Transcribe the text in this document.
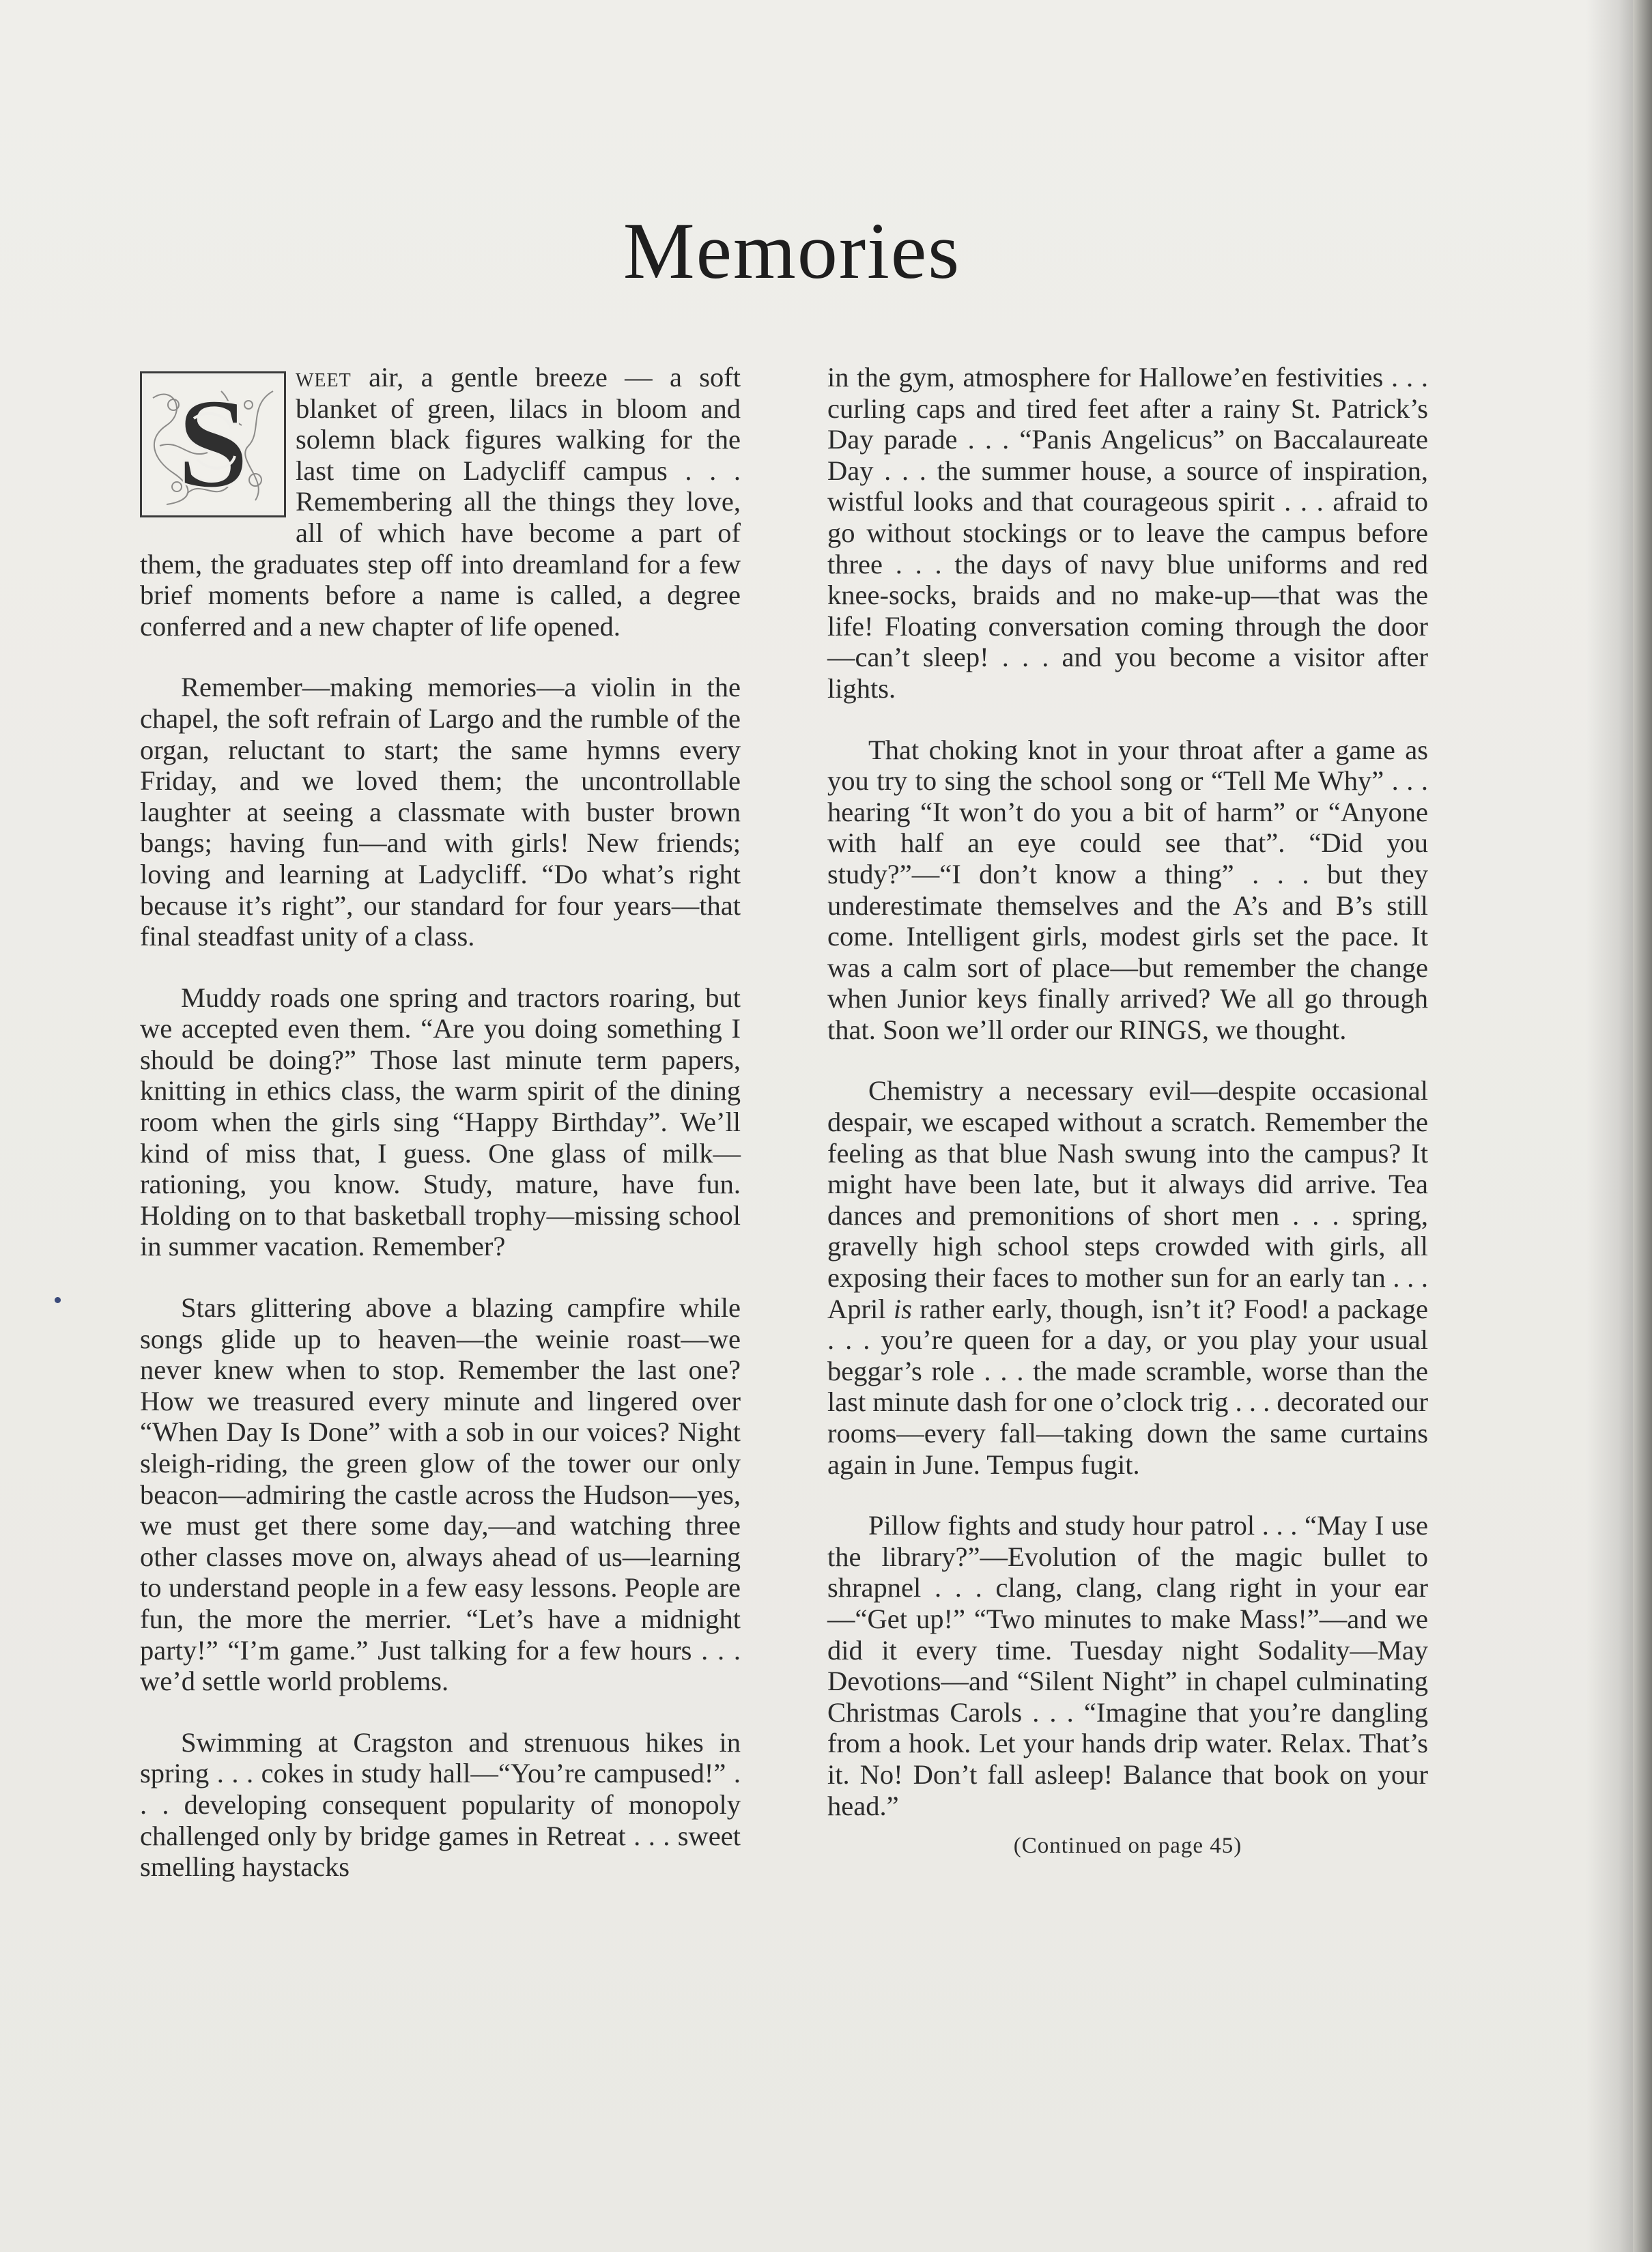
Memories

S weet air, a gentle breeze — a soft blanket of green, lilacs in bloom and solemn black figures walking for the last time on Ladycliff campus . . . Remembering all the things they love, all of which have become a part of them, the graduates step off into dreamland for a few brief moments before a name is called, a degree conferred and a new chapter of life opened.

Remember—making memories—a violin in the chapel, the soft refrain of Largo and the rumble of the organ, reluctant to start; the same hymns every Friday, and we loved them; the uncontrollable laughter at seeing a classmate with buster brown bangs; having fun—and with girls! New friends; loving and learning at Ladycliff. “Do what’s right because it’s right”, our standard for four years—that final steadfast unity of a class.

Muddy roads one spring and tractors roaring, but we accepted even them. “Are you doing something I should be doing?” Those last minute term papers, knitting in ethics class, the warm spirit of the dining room when the girls sing “Happy Birthday”. We’ll kind of miss that, I guess. One glass of milk—rationing, you know. Study, mature, have fun. Holding on to that basketball trophy—missing school in summer vacation. Remember?

Stars glittering above a blazing campfire while songs glide up to heaven—the weinie roast—we never knew when to stop. Remember the last one? How we treasured every minute and lingered over “When Day Is Done” with a sob in our voices? Night sleigh-riding, the green glow of the tower our only beacon—admiring the castle across the Hudson—yes, we must get there some day,—and watching three other classes move on, always ahead of us—learning to understand people in a few easy lessons. People are fun, the more the merrier. “Let’s have a midnight party!” “I’m game.” Just talking for a few hours . . . we’d settle world problems.

Swimming at Cragston and strenuous hikes in spring . . . cokes in study hall—“You’re campused!” . . . developing consequent popularity of monopoly challenged only by bridge games in Retreat . . . sweet smelling haystacks

in the gym, atmosphere for Hallowe’en festivities . . . curling caps and tired feet after a rainy St. Patrick’s Day parade . . . “Panis Angelicus” on Baccalaureate Day . . . the summer house, a source of inspiration, wistful looks and that courageous spirit . . . afraid to go without stockings or to leave the campus before three . . . the days of navy blue uniforms and red knee-socks, braids and no make-up—that was the life! Floating conversation coming through the door—can’t sleep! . . . and you become a visitor after lights.

That choking knot in your throat after a game as you try to sing the school song or “Tell Me Why” . . . hearing “It won’t do you a bit of harm” or “Anyone with half an eye could see that”. “Did you study?”—“I don’t know a thing” . . . but they underestimate themselves and the A’s and B’s still come. Intelligent girls, modest girls set the pace. It was a calm sort of place—but remember the change when Junior keys finally arrived? We all go through that. Soon we’ll order our RINGS, we thought.

Chemistry a necessary evil—despite occasional despair, we escaped without a scratch. Remember the feeling as that blue Nash swung into the campus? It might have been late, but it always did arrive. Tea dances and premonitions of short men . . . spring, gravelly high school steps crowded with girls, all exposing their faces to mother sun for an early tan . . . April is rather early, though, isn’t it? Food! a package . . . you’re queen for a day, or you play your usual beggar’s role . . . the made scramble, worse than the last minute dash for one o’clock trig . . . decorated our rooms—every fall—taking down the same curtains again in June. Tempus fugit.

Pillow fights and study hour patrol . . . “May I use the library?”—Evolution of the magic bullet to shrapnel . . . clang, clang, clang right in your ear—“Get up!” “Two minutes to make Mass!”—and we did it every time. Tuesday night Sodality—May Devotions—and “Silent Night” in chapel culminating Christmas Carols . . . “Imagine that you’re dangling from a hook. Let your hands drip water. Relax. That’s it. No! Don’t fall asleep! Balance that book on your head.”

(Continued on page 45)
